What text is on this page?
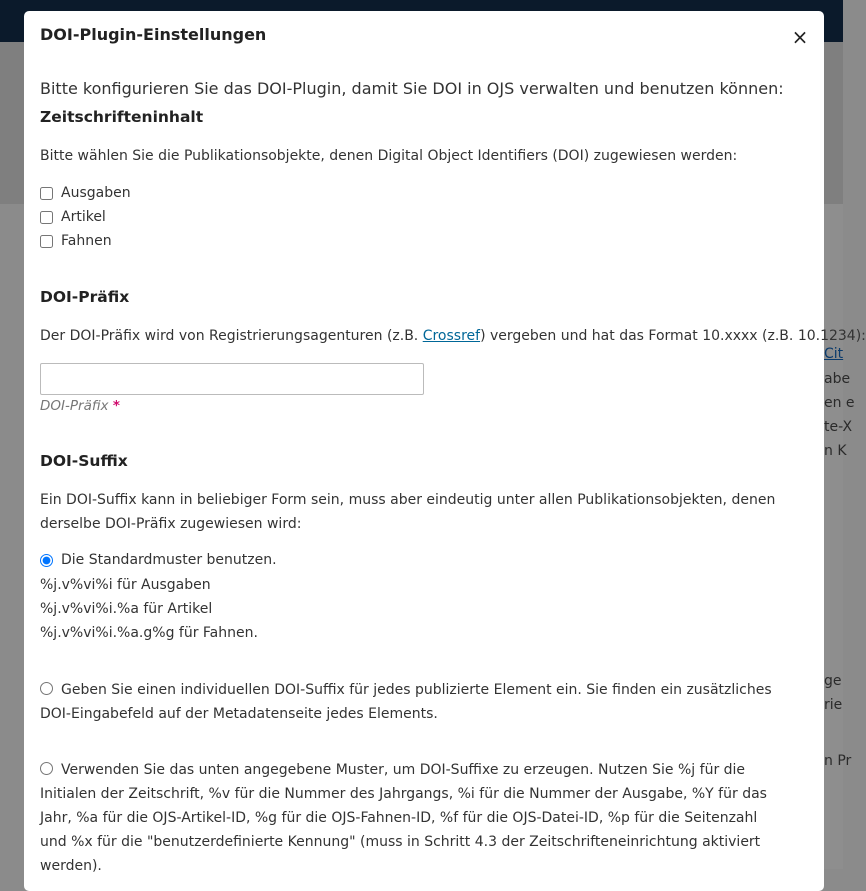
Cit
abe
en e
te-X
n K
ge
rie
n Pr
DOI-Plugin-Einstellungen	×

Bitte konfigurieren Sie das DOI-Plugin, damit Sie DOI in OJS verwalten und benutzen können:

Zeitschrifteninhalt

Bitte wählen Sie die Publikationsobjekte, denen Digital Object Identifiers (DOI) zugewiesen werden:

Ausgaben
Artikel
Fahnen
DOI-Präfix

Der DOI-Präfix wird von Registrierungsagenturen (z.B. Crossref) vergeben und hat das Format 10.xxxx (z.B. 10.1234):

DOI-Präfix *

DOI-Suffix

Ein DOI-Suffix kann in beliebiger Form sein, muss aber eindeutig unter allen Publikationsobjekten, denen derselbe DOI-Präfix zugewiesen wird:

Die Standardmuster benutzen.
%j.v%vi%i für Ausgaben
%j.v%vi%i.%a für Artikel
%j.v%vi%i.%a.g%g für Fahnen.
Geben Sie einen individuellen DOI-Suffix für jedes publizierte Element ein. Sie finden ein zusätzliches DOI-Eingabefeld auf der Metadatenseite jedes Elements.
Verwenden Sie das unten angegebene Muster, um DOI-Suffixe zu erzeugen. Nutzen Sie %j für die Initialen der Zeitschrift, %v für die Nummer des Jahrgangs, %i für die Nummer der Ausgabe, %Y für das Jahr, %a für die OJS-Artikel-ID, %g für die OJS-Fahnen-ID, %f für die OJS-Datei-ID, %p für die Seitenzahl und %x für die "benutzerdefinierte Kennung" (muss in Schritt 4.3 der Zeitschrifteneinrichtung aktiviert werden).
